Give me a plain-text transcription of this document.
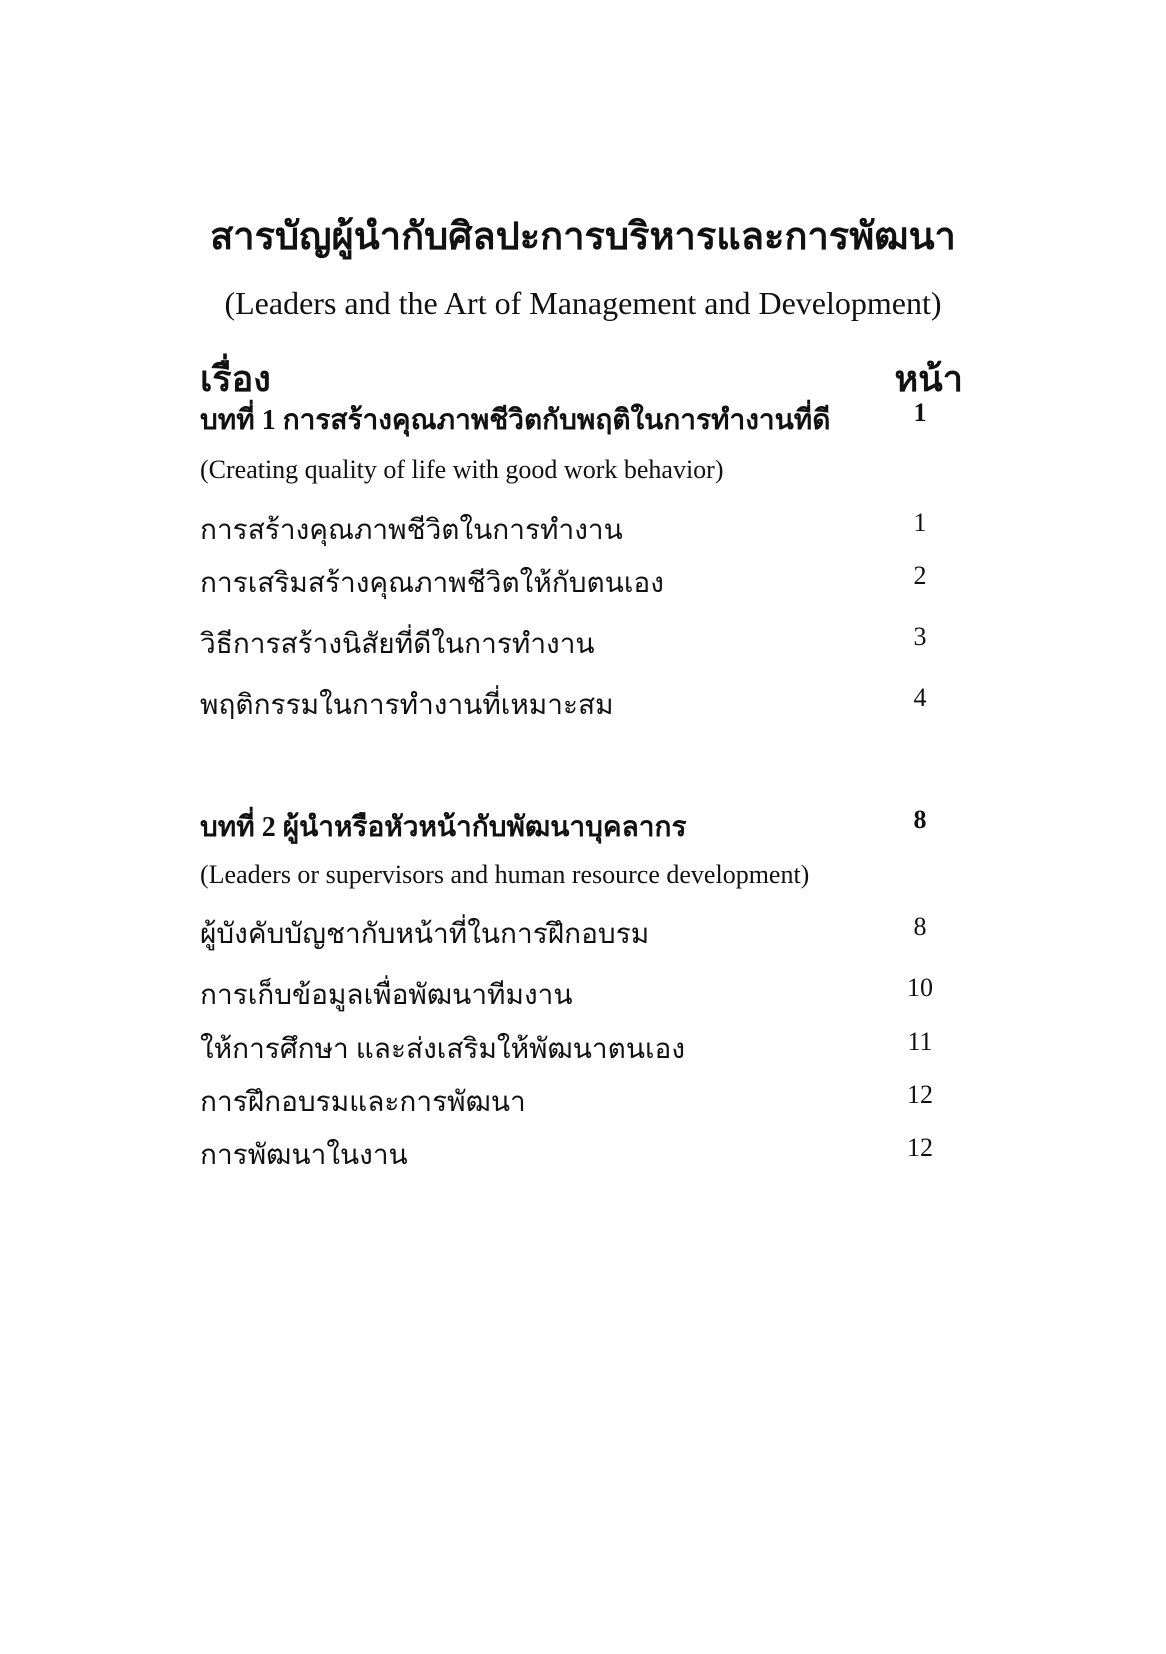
สารบัญผู้นำกับศิลปะการบริหารและการพัฒนา
(Leaders and the Art of Management and Development)
เรื่อง	หน้า
บทที่ 1 การสร้างคุณภาพชีวิตกับพฤติในการทำงานที่ดี	1
(Creating quality of life with good work behavior)
การสร้างคุณภาพชีวิตในการทำงาน	1
การเสริมสร้างคุณภาพชีวิตให้กับตนเอง	2
วิธีการสร้างนิสัยที่ดีในการทำงาน	3
พฤติกรรมในการทำงานที่เหมาะสม	4
บทที่ 2 ผู้นำหรือหัวหน้ากับพัฒนาบุคลากร	8
(Leaders or supervisors and human resource development)
ผู้บังคับบัญชากับหน้าที่ในการฝึกอบรม	8
การเก็บข้อมูลเพื่อพัฒนาทีมงาน	10
ให้การศึกษา และส่งเสริมให้พัฒนาตนเอง	11
การฝึกอบรมและการพัฒนา	12
การพัฒนาในงาน	12
